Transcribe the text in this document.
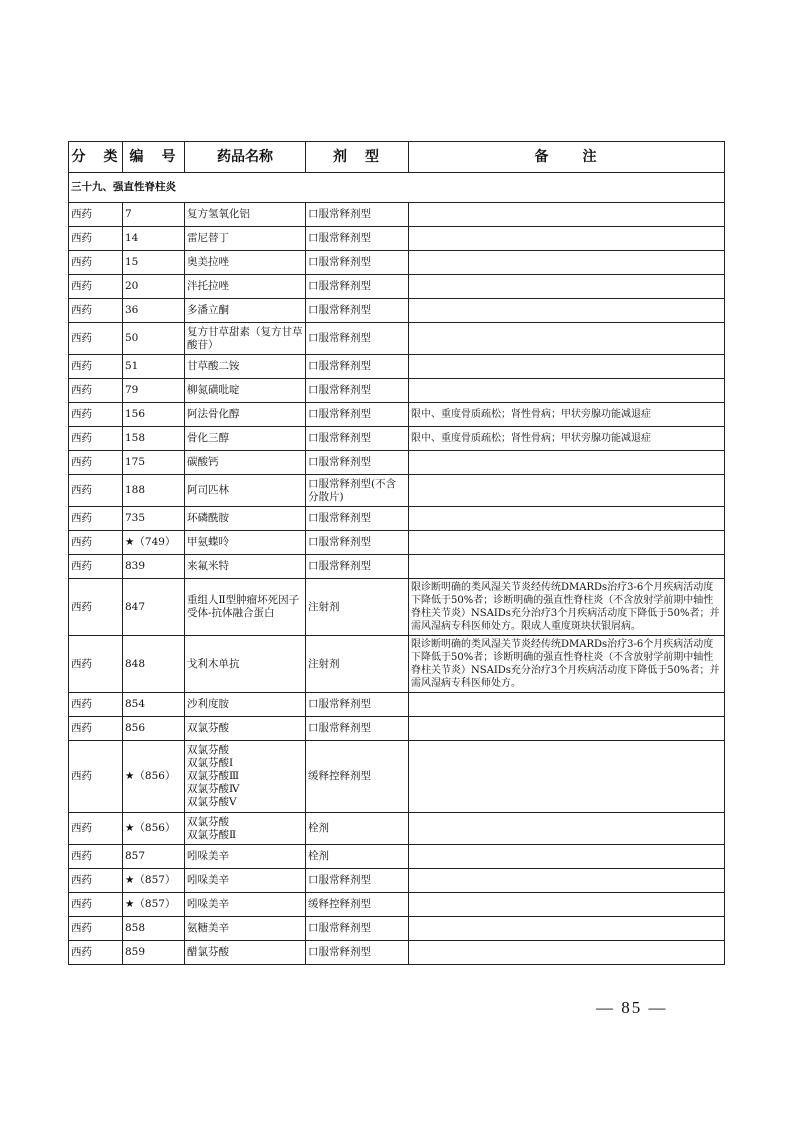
分　类	编　号	药品名称	剂　型	备　　注
三十九、强直性脊柱炎				
西药	7	复方氢氧化铝	口服常释剂型	
西药	14	雷尼替丁	口服常释剂型	
西药	15	奥美拉唑	口服常释剂型	
西药	20	泮托拉唑	口服常释剂型	
西药	36	多潘立酮	口服常释剂型	
西药	50	复方甘草甜素（复方甘草酸苷）	口服常释剂型	
西药	51	甘草酸二铵	口服常释剂型	
西药	79	柳氮磺吡啶	口服常释剂型	
西药	156	阿法骨化醇	口服常释剂型	限中、重度骨质疏松；肾性骨病；甲状旁腺功能减退症
西药	158	骨化三醇	口服常释剂型	限中、重度骨质疏松；肾性骨病；甲状旁腺功能减退症
西药	175	碳酸钙	口服常释剂型	
西药	188	阿司匹林	口服常释剂型(不含分散片)	
西药	735	环磷酰胺	口服常释剂型	
西药	★（749）	甲氨蝶呤	口服常释剂型	
西药	839	来氟米特	口服常释剂型	
西药	847	重组人Ⅱ型肿瘤坏死因子受体-抗体融合蛋白	注射剂	限诊断明确的类风湿关节炎经传统DMARDs治疗3-6个月疾病活动度下降低于50%者；诊断明确的强直性脊柱炎（不含放射学前期中轴性脊柱关节炎）NSAIDs充分治疗3个月疾病活动度下降低于50%者；并需风湿病专科医师处方。限成人重度斑块状银屑病。
西药	848	戈利木单抗	注射剂	限诊断明确的类风湿关节炎经传统DMARDs治疗3-6个月疾病活动度下降低于50%者；诊断明确的强直性脊柱炎（不含放射学前期中轴性脊柱关节炎）NSAIDs充分治疗3个月疾病活动度下降低于50%者；并需风湿病专科医师处方。
西药	854	沙利度胺	口服常释剂型	
西药	856	双氯芬酸	口服常释剂型	
西药	★（856）	双氯芬酸
双氯芬酸Ⅰ
双氯芬酸Ⅲ
双氯芬酸Ⅳ
双氯芬酸Ⅴ	缓释控释剂型	
西药	★（856）	双氯芬酸
双氯芬酸Ⅱ	栓剂	
西药	857	吲哚美辛	栓剂	
西药	★（857）	吲哚美辛	口服常释剂型	
西药	★（857）	吲哚美辛	缓释控释剂型	
西药	858	氨糖美辛	口服常释剂型	
西药	859	醋氯芬酸	口服常释剂型	
— 85 —
